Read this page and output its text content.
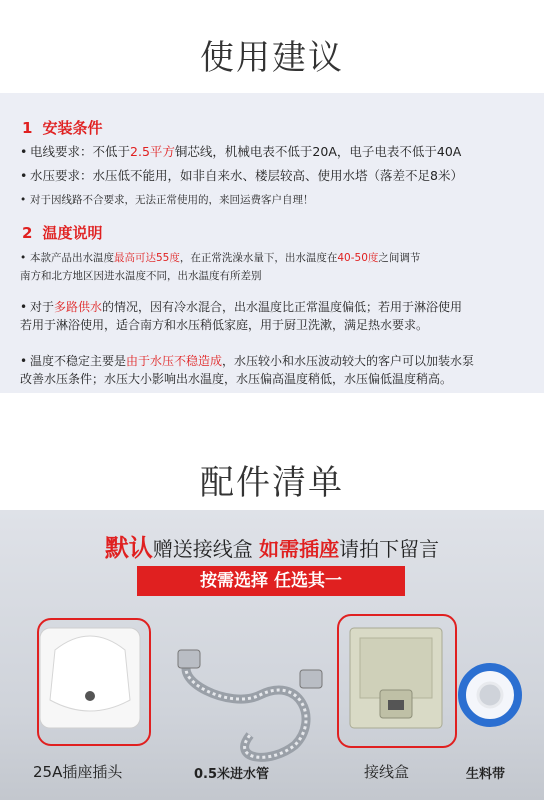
使用建议
1 安装条件
• 电线要求：不低于2.5平方铜芯线，机械电表不低于20A，电子电表不低于40A
• 水压要求：水压低不能用，如非自来水、楼层较高、使用水塔（落差不足8米）
• 对于因线路不合要求，无法正常使用的，来回运费客户自理！
2 温度说明
• 本款产品出水温度最高可达55度，在正常洗澡水量下，出水温度在40-50度之间调节
南方和北方地区因进水温度不同，出水温度有所差别
• 对于多路供水的情况，因有冷水混合，出水温度比正常温度偏低；若用于淋浴使用
若用于淋浴使用，适合南方和水压稍低家庭，用于厨卫洗漱，满足热水要求。
• 温度不稳定主要是由于水压不稳造成，水压较小和水压波动较大的客户可以加装水泵
改善水压条件；水压大小影响出水温度，水压偏高温度稍低，水压偏低温度稍高。
配件清单
默认赠送接线盒 如需插座请拍下留言
按需选择 任选其一
25A插座插头	0.5米进水管	接线盒	生料带
